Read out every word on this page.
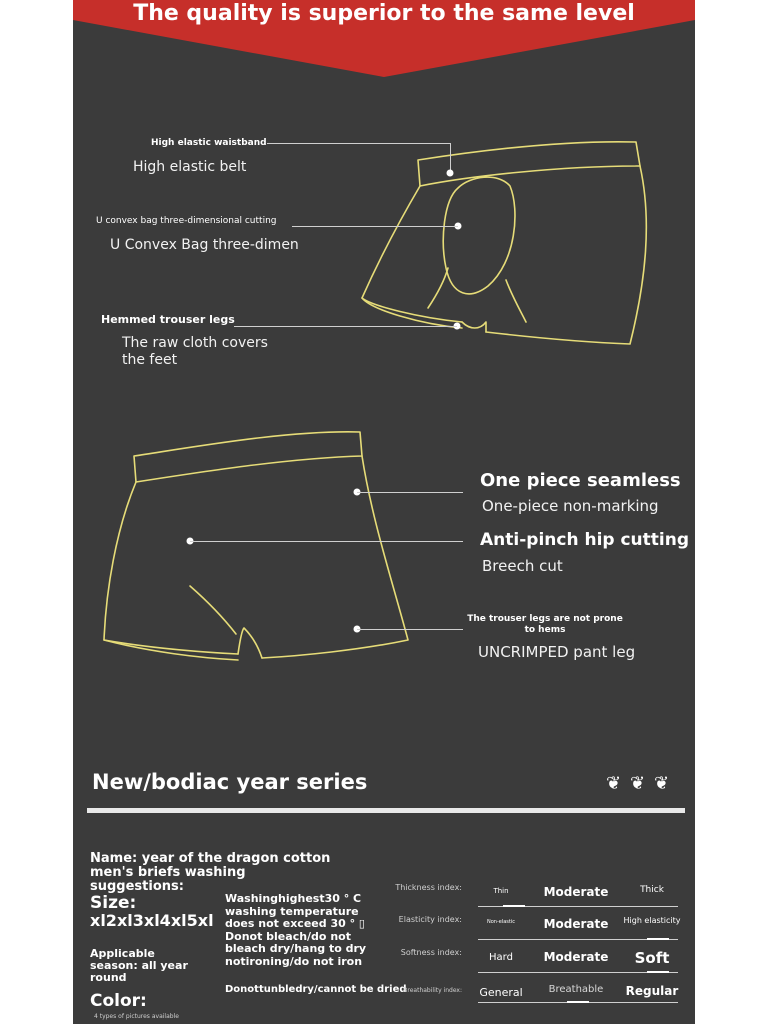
The quality is superior to the same level
High elastic waistband
High elastic belt
U convex bag three-dimensional cutting
U Convex Bag three-dimen
Hemmed trouser legs
The raw cloth covers
the feet
One piece seamless
One-piece non-marking
Anti-pinch hip cutting
Breech cut
The trouser legs are not prone to hems
UNCRIMPED pant leg
New/bodiac year series	❦ ❦ ❦
Name: year of the dragon cotton men's briefs washing suggestions:
Size:
xl2xl3xl4xl5xl
Applicable season: all year round
Color:
4 types of pictures available
Washinghighest30 ° C washing temperature does not exceed 30 ° ▯ Donot bleach/do not bleach dry/hang to dry notironing/do not iron
Donottunbledry/cannot be dried
Thickness index:	Thin	Moderate	Thick
Elasticity index:	Non-elastic	Moderate	High elasticity
Softness index:	Hard	Moderate	Soft
Breathability index: General	Breathable	Regular
